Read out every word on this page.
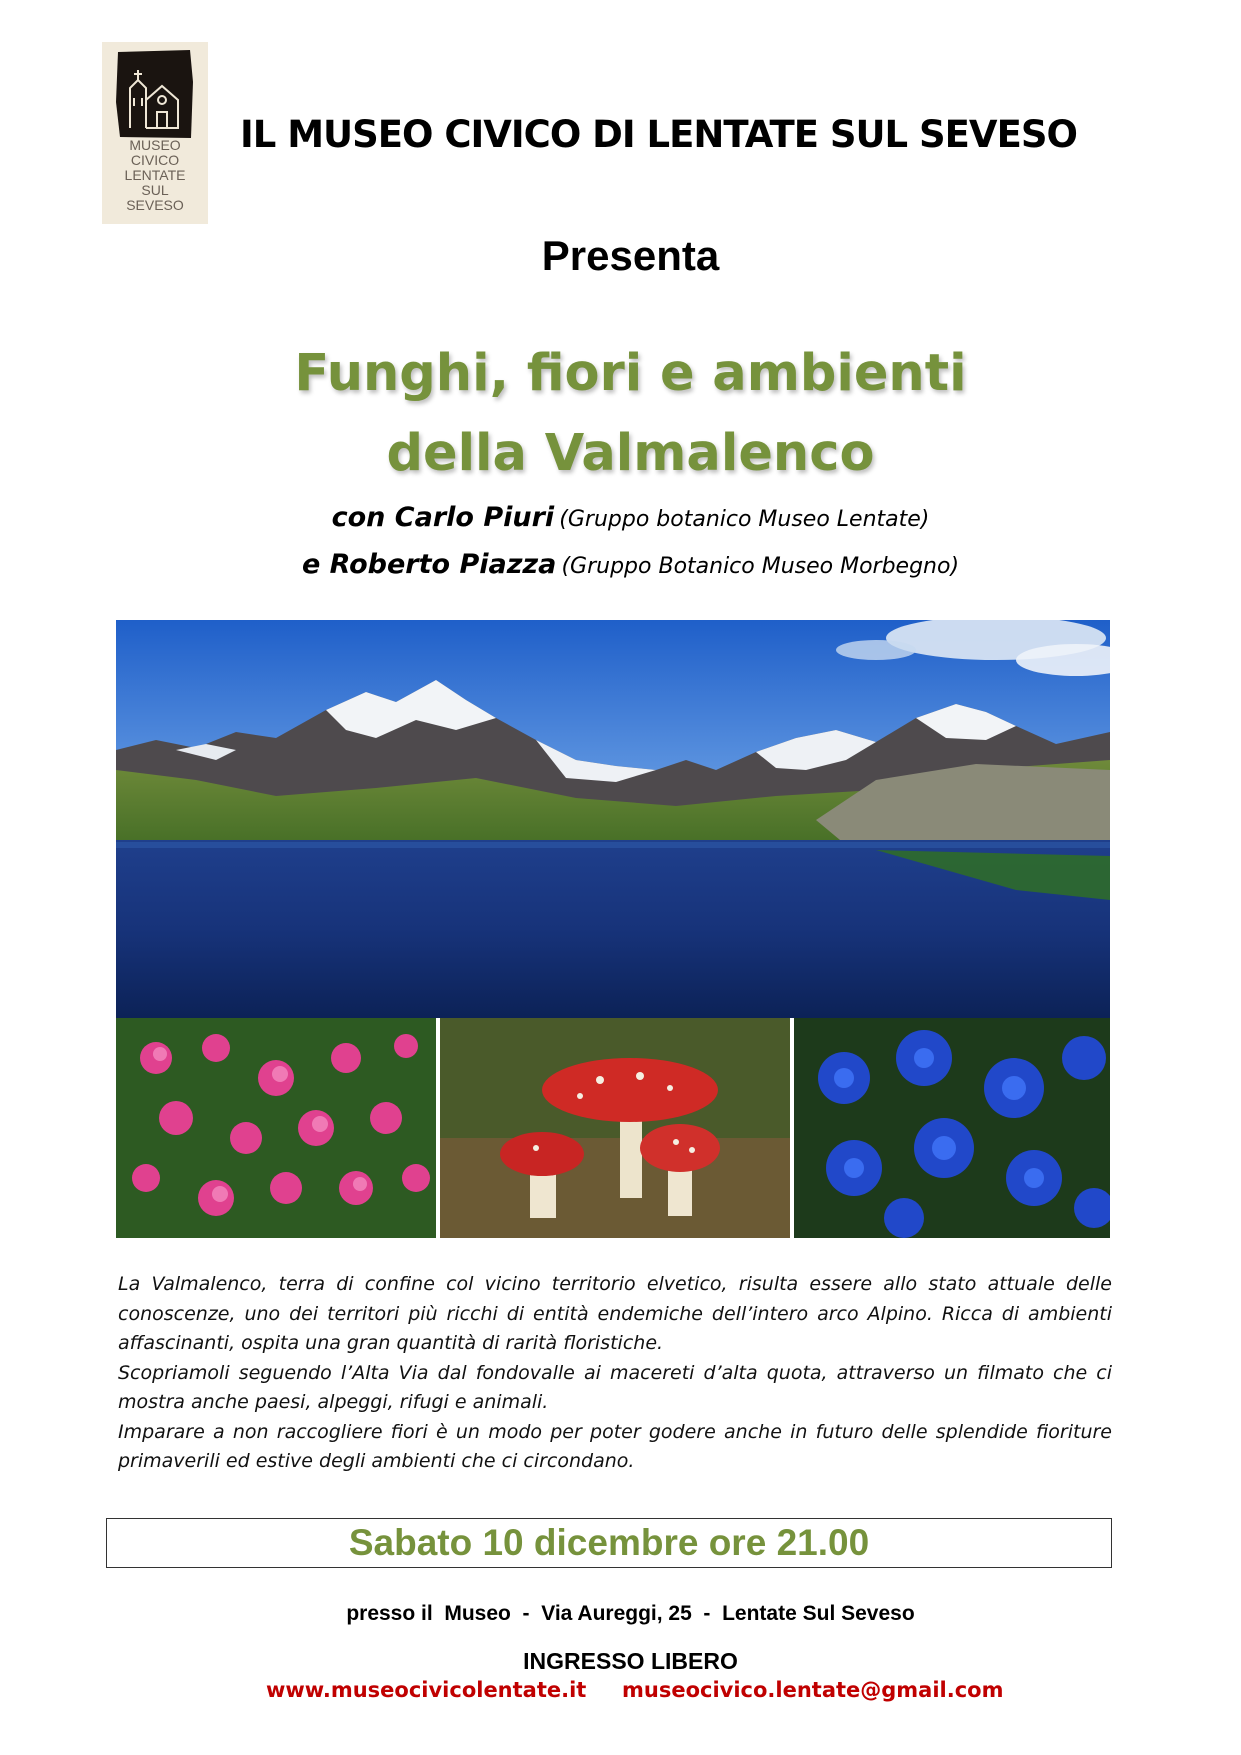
MUSEO
CIVICO
LENTATE
SUL
SEVESO
IL MUSEO CIVICO DI LENTATE SUL SEVESO
Presenta
Funghi, fiori e ambienti
della Valmalenco
con Carlo Piuri (Gruppo botanico Museo Lentate)
e Roberto Piazza (Gruppo Botanico Museo Morbegno)

La Valmalenco, terra di confine col vicino territorio elvetico, risulta essere allo stato attuale delle conoscenze, uno dei territori più ricchi di entità endemiche dell’intero arco Alpino. Ricca di ambienti affascinanti, ospita una gran quantità di rarità floristiche.

Scopriamoli seguendo l’Alta Via dal fondovalle ai macereti d’alta quota, attraverso un filmato che ci mostra anche paesi, alpeggi, rifugi e animali.

Imparare a non raccogliere fiori è un modo per poter godere anche in futuro delle splendide fioriture primaverili ed estive degli ambienti che ci circondano.

Sabato 10 dicembre ore 21.00
presso il  Museo  -  Via Aureggi, 25  -  Lentate Sul Seveso
INGRESSO LIBERO
www.museocivicolentate.it museocivico.lentate@gmail.com
